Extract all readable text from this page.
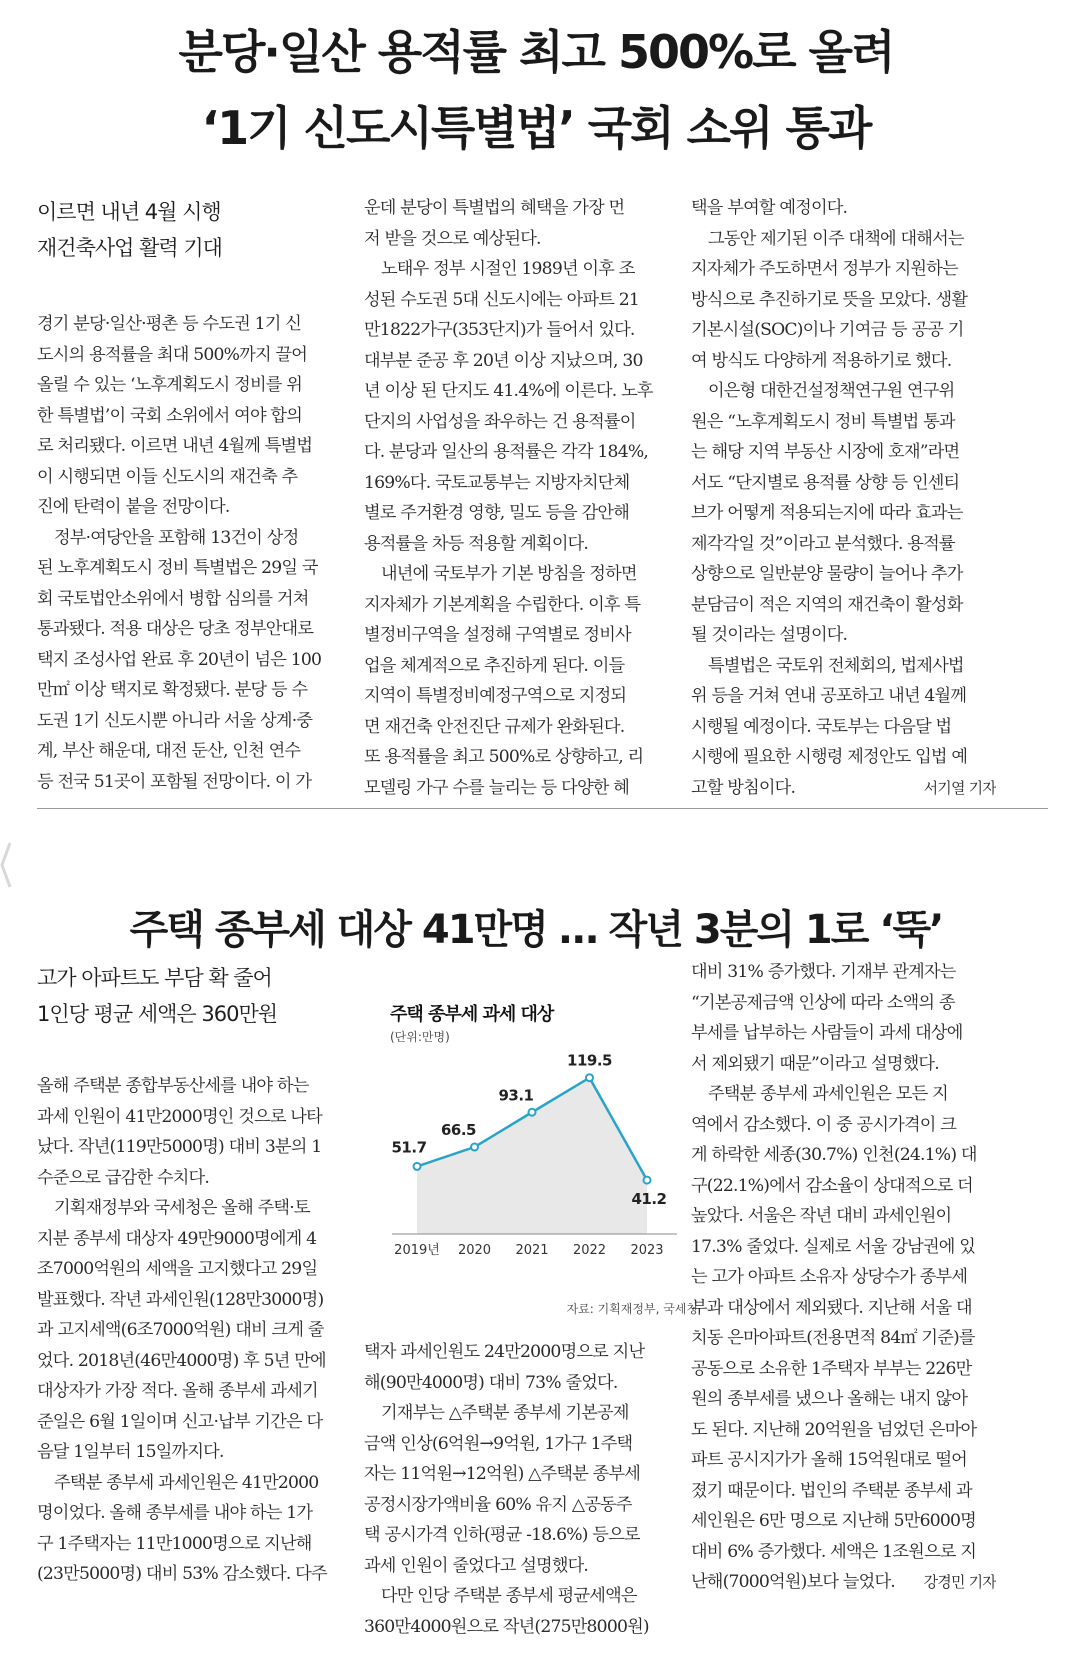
분당·일산 용적률 최고 500%로 올려
‘1기 신도시특별법’ 국회 소위 통과
이르면 내년 4월 시행
재건축사업 활력 기대
경기 분당·일산·평촌 등 수도권 1기 신
도시의 용적률을 최대 500%까지 끌어
올릴 수 있는 ‘노후계획도시 정비를 위
한 특별법’이 국회 소위에서 여야 합의
로 처리됐다. 이르면 내년 4월께 특별법
이 시행되면 이들 신도시의 재건축 추
진에 탄력이 붙을 전망이다.
정부·여당안을 포함해 13건이 상정
된 노후계획도시 정비 특별법은 29일 국
회 국토법안소위에서 병합 심의를 거쳐
통과됐다. 적용 대상은 당초 정부안대로
택지 조성사업 완료 후 20년이 넘은 100
만㎡ 이상 택지로 확정됐다. 분당 등 수
도권 1기 신도시뿐 아니라 서울 상계·중
계, 부산 해운대, 대전 둔산, 인천 연수
등 전국 51곳이 포함될 전망이다. 이 가
운데 분당이 특별법의 혜택을 가장 먼
저 받을 것으로 예상된다.
노태우 정부 시절인 1989년 이후 조
성된 수도권 5대 신도시에는 아파트 21
만1822가구(353단지)가 들어서 있다.
대부분 준공 후 20년 이상 지났으며, 30
년 이상 된 단지도 41.4%에 이른다. 노후
단지의 사업성을 좌우하는 건 용적률이
다. 분당과 일산의 용적률은 각각 184%,
169%다. 국토교통부는 지방자치단체
별로 주거환경 영향, 밀도 등을 감안해
용적률을 차등 적용할 계획이다.
내년에 국토부가 기본 방침을 정하면
지자체가 기본계획을 수립한다. 이후 특
별정비구역을 설정해 구역별로 정비사
업을 체계적으로 추진하게 된다. 이들
지역이 특별정비예정구역으로 지정되
면 재건축 안전진단 규제가 완화된다.
또 용적률을 최고 500%로 상향하고, 리
모델링 가구 수를 늘리는 등 다양한 혜
택을 부여할 예정이다.
그동안 제기된 이주 대책에 대해서는
지자체가 주도하면서 정부가 지원하는
방식으로 추진하기로 뜻을 모았다. 생활
기본시설(SOC)이나 기여금 등 공공 기
여 방식도 다양하게 적용하기로 했다.
이은형 대한건설정책연구원 연구위
원은 “노후계획도시 정비 특별법 통과
는 해당 지역 부동산 시장에 호재”라면
서도 “단지별로 용적률 상향 등 인센티
브가 어떻게 적용되는지에 따라 효과는
제각각일 것”이라고 분석했다. 용적률
상향으로 일반분양 물량이 늘어나 추가
분담금이 적은 지역의 재건축이 활성화
될 것이라는 설명이다.
특별법은 국토위 전체회의, 법제사법
위 등을 거쳐 연내 공포하고 내년 4월께
시행될 예정이다. 국토부는 다음달 법
시행에 필요한 시행령 제정안도 입법 예
고할 방침이다.	서기열 기자
주택 종부세 대상 41만명 … 작년 3분의 1로 ‘뚝’
고가 아파트도 부담 확 줄어
1인당 평균 세액은 360만원
올해 주택분 종합부동산세를 내야 하는
과세 인원이 41만2000명인 것으로 나타
났다. 작년(119만5000명) 대비 3분의 1
수준으로 급감한 수치다.
기획재정부와 국세청은 올해 주택·토
지분 종부세 대상자 49만9000명에게 4
조7000억원의 세액을 고지했다고 29일
발표했다. 작년 과세인원(128만3000명)
과 고지세액(6조7000억원) 대비 크게 줄
었다. 2018년(46만4000명) 후 5년 만에
대상자가 가장 적다. 올해 종부세 과세기
준일은 6월 1일이며 신고·납부 기간은 다
음달 1일부터 15일까지다.
주택분 종부세 과세인원은 41만2000
명이었다. 올해 종부세를 내야 하는 1가
구 1주택자는 11만1000명으로 지난해
(23만5000명) 대비 53% 감소했다. 다주
택자 과세인원도 24만2000명으로 지난
해(90만4000명) 대비 73% 줄었다.
기재부는 △주택분 종부세 기본공제
금액 인상(6억원→9억원, 1가구 1주택
자는 11억원→12억원) △주택분 종부세
공정시장가액비율 60% 유지 △공동주
택 공시가격 인하(평균 -18.6%) 등으로
과세 인원이 줄었다고 설명했다.
다만 인당 주택분 종부세 평균세액은
360만4000원으로 작년(275만8000원)
대비 31% 증가했다. 기재부 관계자는
“기본공제금액 인상에 따라 소액의 종
부세를 납부하는 사람들이 과세 대상에
서 제외됐기 때문”이라고 설명했다.
주택분 종부세 과세인원은 모든 지
역에서 감소했다. 이 중 공시가격이 크
게 하락한 세종(30.7%) 인천(24.1%) 대
구(22.1%)에서 감소율이 상대적으로 더
높았다. 서울은 작년 대비 과세인원이
17.3% 줄었다. 실제로 서울 강남권에 있
는 고가 아파트 소유자 상당수가 종부세
부과 대상에서 제외됐다. 지난해 서울 대
치동 은마아파트(전용면적 84㎡ 기준)를
공동으로 소유한 1주택자 부부는 226만
원의 종부세를 냈으나 올해는 내지 않아
도 된다. 지난해 20억원을 넘었던 은마아
파트 공시지가가 올해 15억원대로 떨어
졌기 때문이다. 법인의 주택분 종부세 과
세인원은 6만 명으로 지난해 5만6000명
대비 6% 증가했다. 세액은 1조원으로 지
난해(7000억원)보다 늘었다. 강경민 기자
주택 종부세 과세 대상
(단위:만명)
51.7
2019년
66.5
2020
93.1
2021
119.5
2022
41.2
2023
자료: 기획재정부, 국세청
